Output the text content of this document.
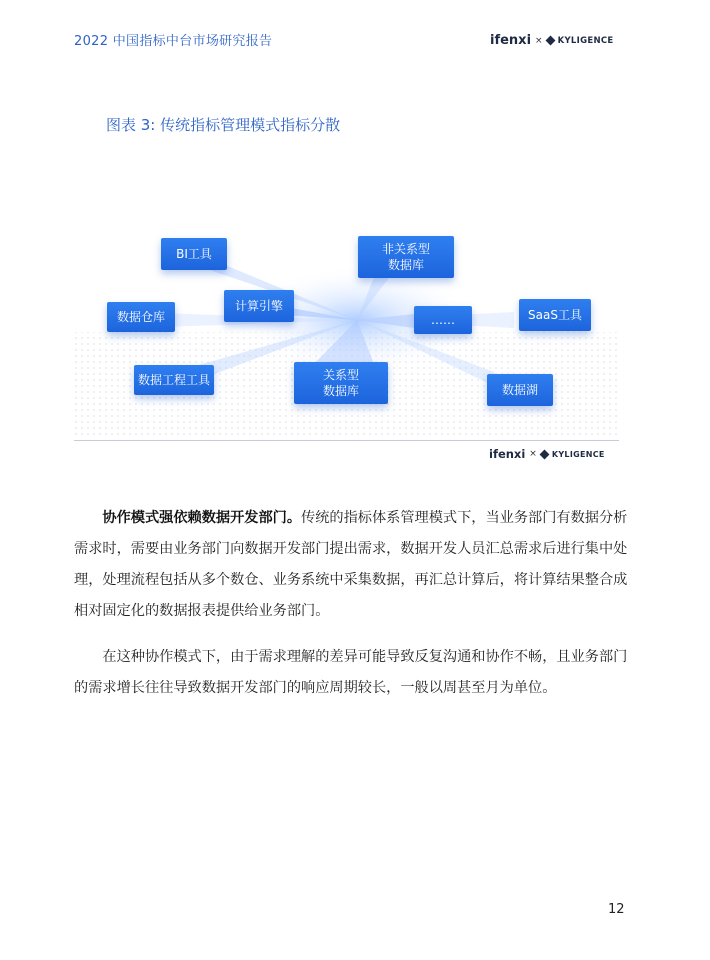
2022 中国指标中台市场研究报告	ifenxi × KYLIGENCE
图表 3: 传统指标管理模式指标分散
BI工具	非关系型
数据库
计算引擎
数据仓库	……	SaaS工具
数据工程工具	关系型
数据库	数据湖
ifenxi × KYLIGENCE
协作模式强依赖数据开发部门。传统的指标体系管理模式下，当业务部门有数据分析需求时，需要由业务部门向数据开发部门提出需求，数据开发人员汇总需求后进行集中处理，处理流程包括从多个数仓、业务系统中采集数据，再汇总计算后，将计算结果整合成相对固定化的数据报表提供给业务部门。
在这种协作模式下，由于需求理解的差异可能导致反复沟通和协作不畅，且业务部门的需求增长往往导致数据开发部门的响应周期较长，一般以周甚至月为单位。
12
